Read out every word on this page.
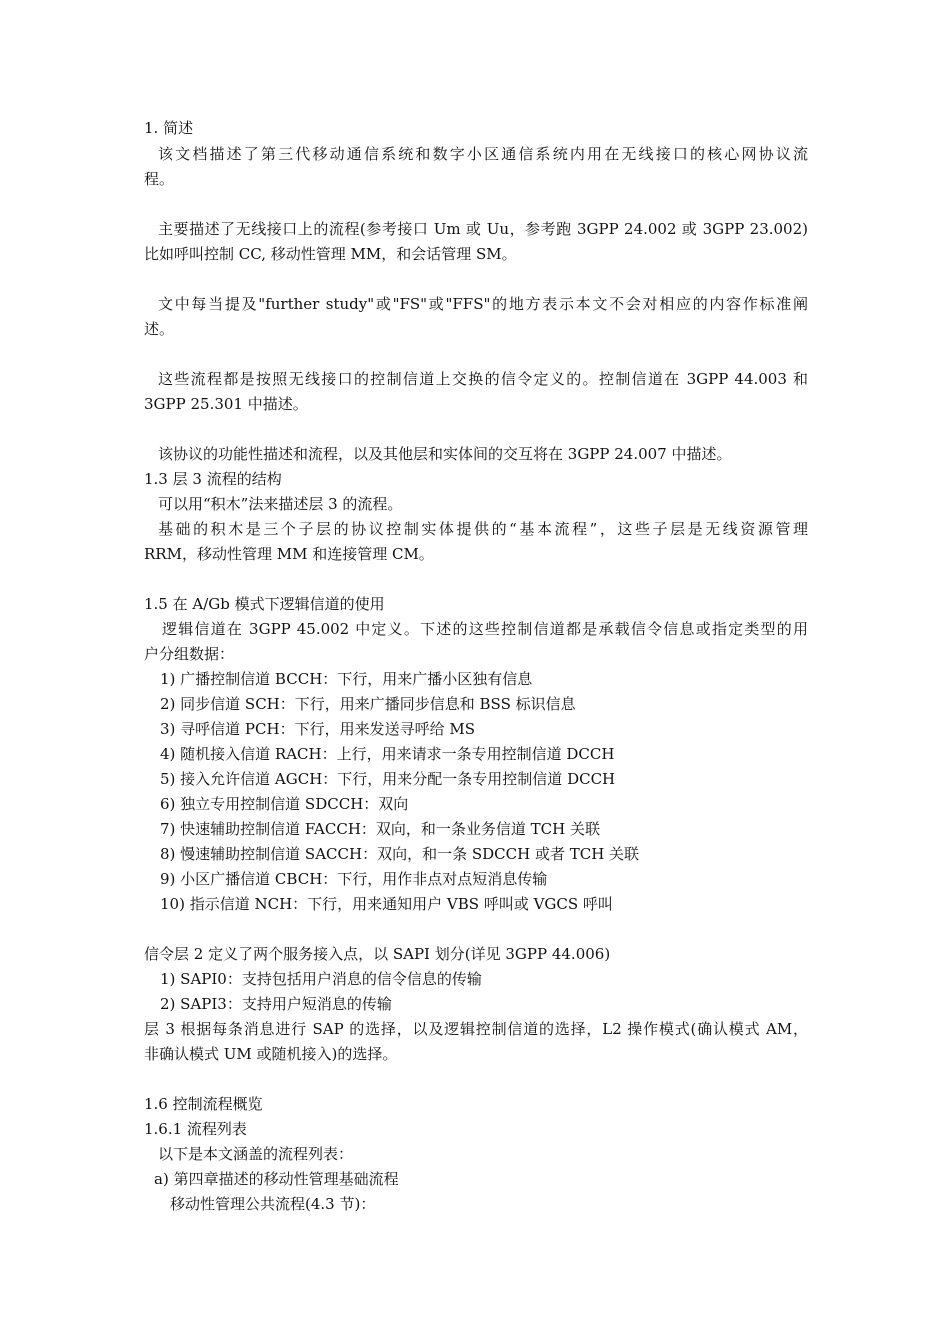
1. 简述
该文档描述了第三代移动通信系统和数字小区通信系统内用在无线接口的核心网协议流
程。
主要描述了无线接口上的流程(参考接口 Um 或 Uu，参考跑 3GPP 24.002 或 3GPP 23.002)
比如呼叫控制 CC, 移动性管理 MM，和会话管理 SM。
文中每当提及"further study"或"FS"或"FFS"的地方表示本文不会对相应的内容作标准阐
述。
这些流程都是按照无线接口的控制信道上交换的信令定义的。控制信道在 3GPP 44.003 和
3GPP 25.301 中描述。
该协议的功能性描述和流程，以及其他层和实体间的交互将在 3GPP 24.007 中描述。
1.3 层 3 流程的结构
可以用“积木”法来描述层 3 的流程。
基础的积木是三个子层的协议控制实体提供的“基本流程”，这些子层是无线资源管理
RRM，移动性管理 MM 和连接管理 CM。
1.5 在 A/Gb 模式下逻辑信道的使用
逻辑信道在 3GPP 45.002 中定义。下述的这些控制信道都是承载信令信息或指定类型的用
户分组数据：
1) 广播控制信道 BCCH：下行，用来广播小区独有信息
2) 同步信道 SCH：下行，用来广播同步信息和 BSS 标识信息
3) 寻呼信道 PCH：下行，用来发送寻呼给 MS
4) 随机接入信道 RACH：上行，用来请求一条专用控制信道 DCCH
5) 接入允许信道 AGCH：下行，用来分配一条专用控制信道 DCCH
6) 独立专用控制信道 SDCCH：双向
7) 快速辅助控制信道 FACCH：双向，和一条业务信道 TCH 关联
8) 慢速辅助控制信道 SACCH：双向，和一条 SDCCH 或者 TCH 关联
9) 小区广播信道 CBCH：下行，用作非点对点短消息传输
10) 指示信道 NCH：下行，用来通知用户 VBS 呼叫或 VGCS 呼叫
信令层 2 定义了两个服务接入点，以 SAPI 划分(详见 3GPP 44.006)
1) SAPI0：支持包括用户消息的信令信息的传输
2) SAPI3：支持用户短消息的传输
层 3 根据每条消息进行 SAP 的选择，以及逻辑控制信道的选择，L2 操作模式(确认模式 AM，
非确认模式 UM 或随机接入)的选择。
1.6 控制流程概览
1.6.1 流程列表
以下是本文涵盖的流程列表：
a) 第四章描述的移动性管理基础流程
移动性管理公共流程(4.3 节)：
